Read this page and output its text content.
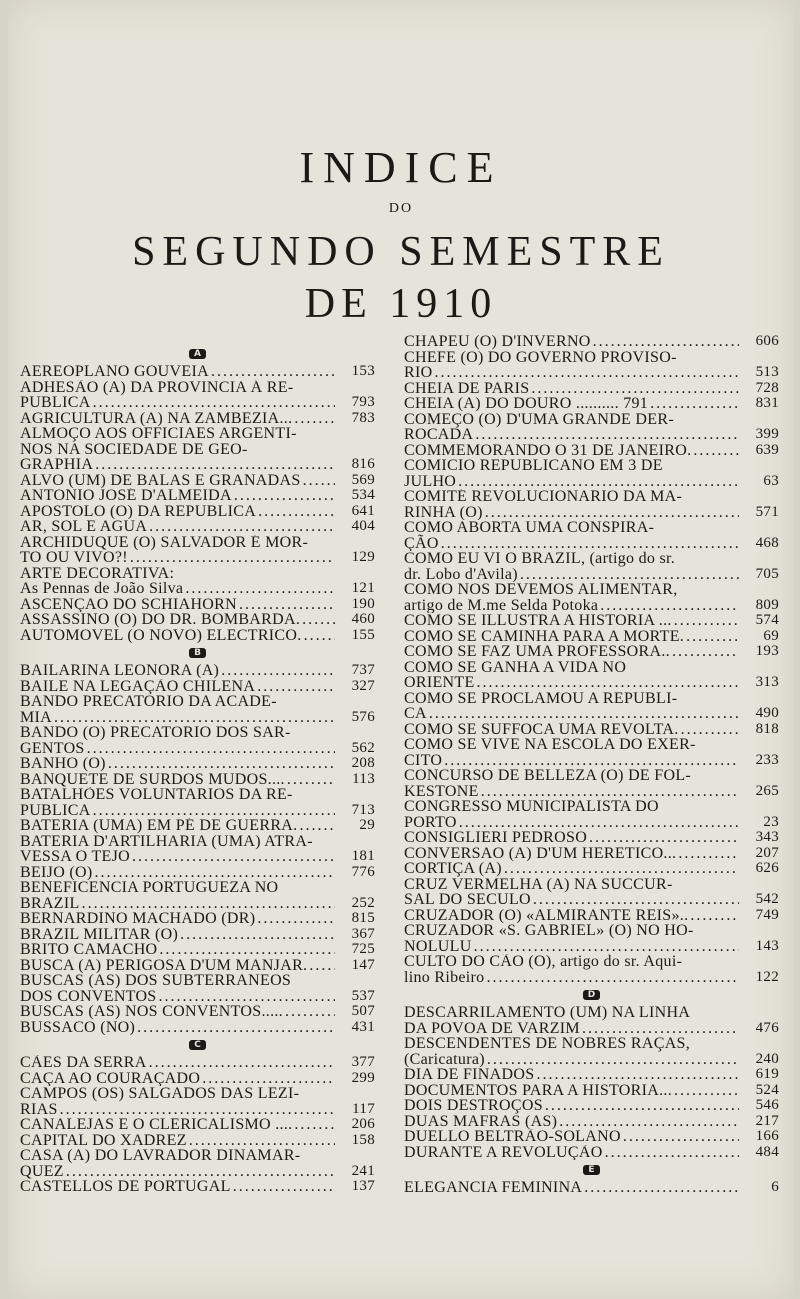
INDICE
DO
SEGUNDO SEMESTRE
DE 1910
A
AEREOPLANO GOUVEIA .....	153
ADHESÃO (A) DA PROVINCIA Á RE-
PUBLICA .....	793
AGRICULTURA (A) NA ZAMBEZIA... .....	783
ALMOÇO AOS OFFICIAES ARGENTI-
NOS NA SOCIEDADE DE GEO-
GRAPHIA .....	816
ALVO (UM) DE BALAS E GRANADAS .....	569
ANTONIO JOSÉ D'ALMEIDA .....	534
APOSTOLO (O) DA REPUBLICA .....	641
AR, SOL E AGUA .....	404
ARCHIDUQUE (O) SALVADOR É MOR-
TO OU VIVO?! .....	129
ARTE DECORATIVA:
As Pennas de João Silva .....	121
ASCENÇAO DO SCHIAHORN .....	190
ASSASSINO (O) DO DR. BOMBARDA. .....	460
AUTOMOVEL (O NOVO) ELECTRICO. .....	155
B
BAILARINA LEONORA (A) .....	737
BAILE NA LEGAÇÃO CHILENA .....	327
BANDO PRECATORIO DA ACADE-
MIA .....	576
BANDO (O) PRECATORIO DOS SAR-
GENTOS .....	562
BANHO (O) .....	208
BANQUETE DE SURDOS MUDOS.... .....	113
BATALHÕES VOLUNTARIOS DA RE-
PUBLICA .....	713
BATERIA (UMA) EM PÉ DE GUERRA. .....	29
BATERIA D'ARTILHARIA (UMA) ATRA-
VESSA O TEJO .....	181
BEIJO (O) .....	776
BENEFICENCIA PORTUGUEZA NO
BRAZIL .....	252
BERNARDINO MACHADO (DR) .....	815
BRAZIL MILITAR (O) .....	367
BRITO CAMACHO .....	725
BUSCA (A) PERIGOSA D'UM MANJAR. .....	147
BUSCAS (AS) DOS SUBTERRANEOS
DOS CONVENTOS .....	537
BUSCAS (AS) NOS CONVENTOS..... .....	507
BUSSACO (NO) .....	431
C
CÃES DA SERRA .....	377
CAÇA AO COURAÇADO .....	299
CAMPOS (OS) SALGADOS DAS LEZI-
RIAS .....	117
CANALEJAS E O CLERICALISMO .... .....	206
CAPITAL DO XADREZ .....	158
CASA (A) DO LAVRADOR DINAMAR-
QUEZ .....	241
CASTELLOS DE PORTUGAL .....	137
CHAPEU (O) D'INVERNO .....	606
CHEFE (O) DO GOVERNO PROVISO-
RIO .....	513
CHEIA DE PARIS .....	728
CHEIA (A) DO DOURO .......... 791 .....	831
COMEÇO (O) D'UMA GRANDE DER-
ROCADA .....	399
COMMEMORANDO O 31 DE JANEIRO. .....	639
COMICIO REPUBLICANO EM 3 DE
JULHO .....	63
COMITÉ REVOLUCIONARIO DA MA-
RINHA (O) .....	571
COMO ABORTA UMA CONSPIRA-
ÇÃO .....	468
COMO EU VI O BRAZIL, (artigo do sr.
dr. Lobo d'Avila) .....	705
COMO NOS DEVEMOS ALIMENTAR,
artigo de M.me Selda Potoka .....	809
COMO SE ILLUSTRA A HISTORIA ... .....	574
COMO SE CAMINHA PARA A MORTE. .....	69
COMO SE FAZ UMA PROFESSORA.. .....	193
COMO SE GANHA A VIDA NO
ORIENTE .....	313
COMO SE PROCLAMOU A REPUBLI-
CA .....	490
COMO SE SUFFOCA UMA REVOLTA. .....	818
COMO SE VIVE NA ESCOLA DO EXER-
CITO .....	233
CONCURSO DE BELLEZA (O) DE FOL-
KESTONE .....	265
CONGRESSO MUNICIPALISTA DO
PORTO .....	23
CONSIGLIERI PEDROSO .....	343
CONVERSAO (A) D'UM HERETICO... .....	207
CORTIÇA (A) .....	626
CRUZ VERMELHA (A) NA SUCCUR-
SAL DO SECULO .....	542
CRUZADOR (O) «ALMIRANTE REIS».. .....	749
CRUZADOR «S. GABRIEL» (O) NO HO-
NOLULU .....	143
CULTO DO CÃO (O), artigo do sr. Aqui-
lino Ribeiro .....	122
D
DESCARRILAMENTO (UM) NA LINHA
DA POVOA DE VARZIM .....	476
DESCENDENTES DE NOBRES RAÇAS,
(Caricatura) .....	240
DIA DE FINADOS .....	619
DOCUMENTOS PARA A HISTORIA... .....	524
DOIS DESTROÇOS .....	546
DUAS MAFRAS (AS) .....	217
DUELLO BELTRÃO-SOLANO .....	166
DURANTE A REVOLUÇÃO .....	484
E
ELEGANCIA FEMININA .....	6
